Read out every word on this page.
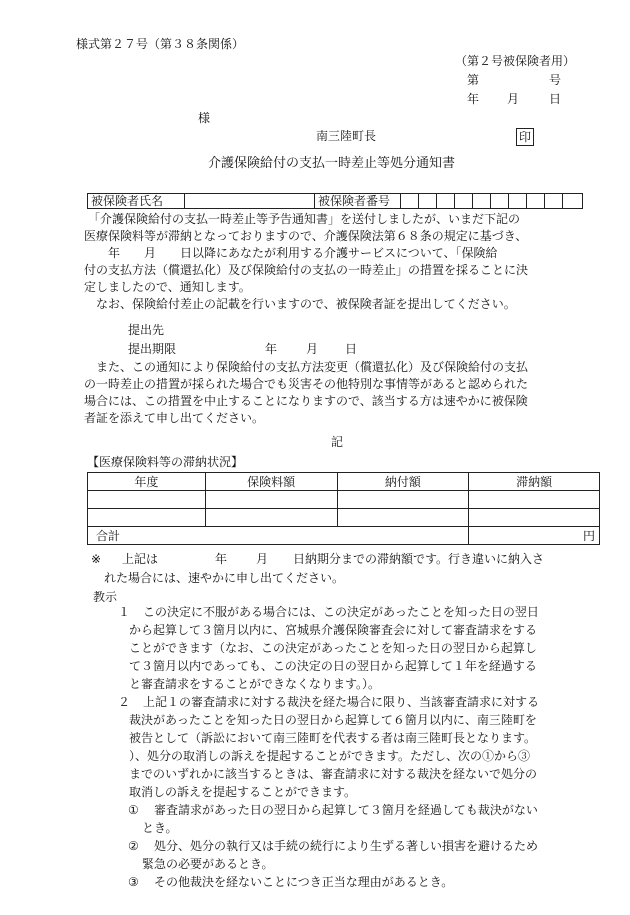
様式第２７号（第３８条関係）
（第２号被保険者用）
第	号
年 月 日
様
南三陸町長	印
介護保険給付の支払一時差止等処分通知書
被保険者氏名	被保険者番号
「介護保険給付の支払一時差止等予告通知書」を送付しましたが、いまだ下記の
医療保険料等が滞納となっておりますので、介護保険法第６８条の規定に基づき、
　　年　　月　　日以降にあなたが利用する介護サービスについて、「保険給
付の支払方法（償還払化）及び保険給付の支払の一時差止」の措置を採ることに決
定しましたので、通知します。
　なお、保険給付差止の記載を行いますので、被保険者証を提出してください。
提出先
提出期限	年 月 日
　また、この通知により保険給付の支払方法変更（償還払化）及び保険給付の支払
の一時差止の措置が採られた場合でも災害その他特別な事情等があると認められた
場合には、この措置を中止することになりますので、該当する方は速やかに被保険
者証を添えて申し出てください。
記
【医療保険料等の滞納状況】
年度	保険料額	納付額	滞納額

合計			円
※ 上記は	年 月 日納期分までの滞納額です。行き違いに納入さ
れた場合には、速やかに申し出てください。
教示
１ この決定に不服がある場合には、この決定があったことを知った日の翌日
から起算して３箇月以内に、宮城県介護保険審査会に対して審査請求をする
ことができます（なお、この決定があったことを知った日の翌日から起算し
て３箇月以内であっても、この決定の日の翌日から起算して１年を経過する
と審査請求をすることができなくなります。）。
２ 上記１の審査請求に対する裁決を経た場合に限り、当該審査請求に対する
裁決があったことを知った日の翌日から起算して６箇月以内に、南三陸町を
被告として（訴訟において南三陸町を代表する者は南三陸町長となります。
）、処分の取消しの訴えを提起することができます。ただし、次の①から③
までのいずれかに該当するときは、審査請求に対する裁決を経ないで処分の
取消しの訴えを提起することができます。
① 審査請求があった日の翌日から起算して３箇月を経過しても裁決がない
とき。
② 処分、処分の執行又は手続の続行により生ずる著しい損害を避けるため
緊急の必要があるとき。
③ その他裁決を経ないことにつき正当な理由があるとき。
